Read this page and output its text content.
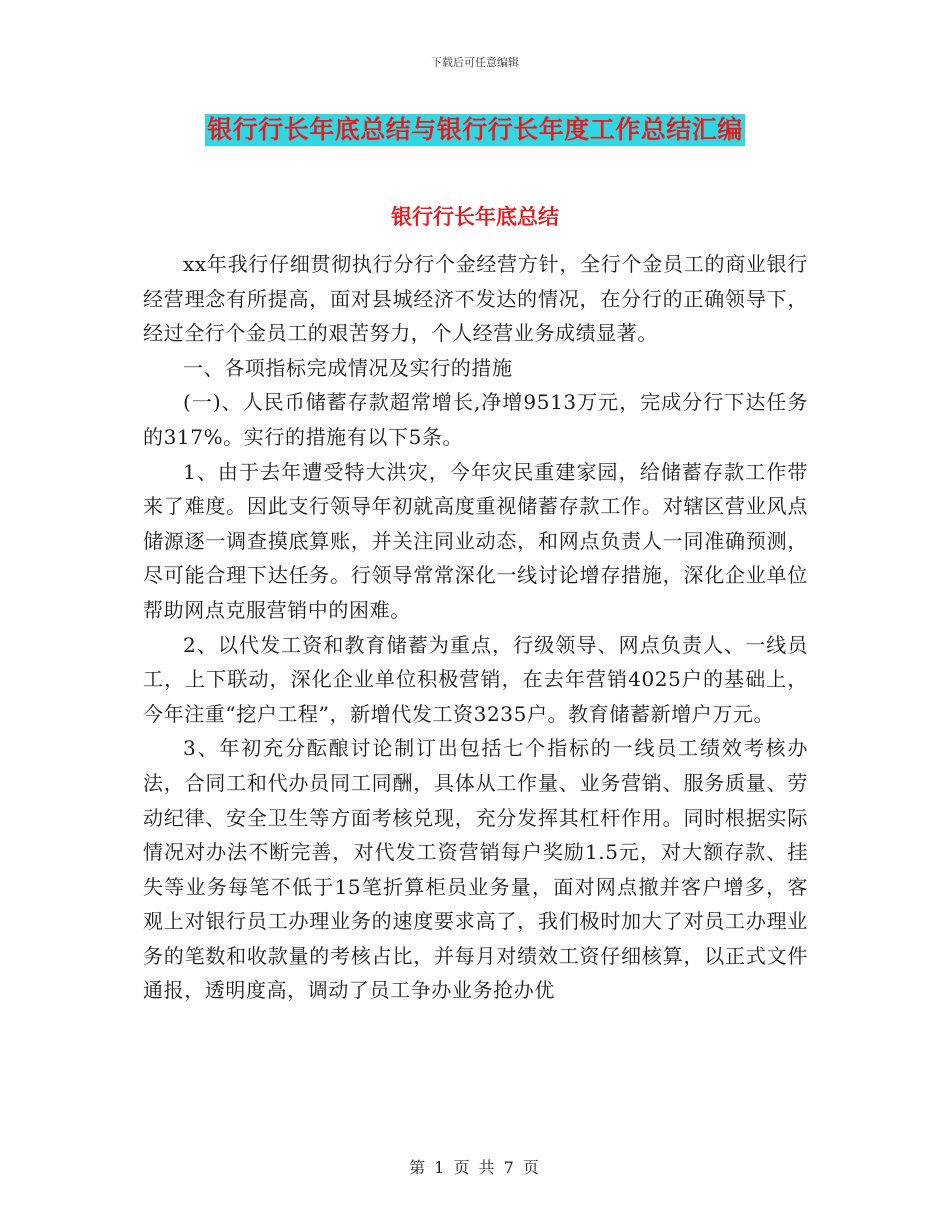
下载后可任意编辑
银行行长年底总结与银行行长年度工作总结汇编
银行行长年底总结

xx年我行仔细贯彻执行分行个金经营方针，全行个金员工的商业银行经营理念有所提高，面对县城经济不发达的情况，在分行的正确领导下，经过全行个金员工的艰苦努力，个人经营业务成绩显著。

一、各项指标完成情况及实行的措施

(一)、人民币储蓄存款超常增长,净增9513万元，完成分行下达任务的317%。实行的措施有以下5条。

1、由于去年遭受特大洪灾，今年灾民重建家园，给储蓄存款工作带来了难度。因此支行领导年初就高度重视储蓄存款工作。对辖区营业风点储源逐一调查摸底算账，并关注同业动态，和网点负责人一同准确预测，尽可能合理下达任务。行领导常常深化一线讨论增存措施，深化企业单位帮助网点克服营销中的困难。

2、以代发工资和教育储蓄为重点，行级领导、网点负责人、一线员工，上下联动，深化企业单位积极营销，在去年营销4025户的基础上，今年注重“挖户工程”，新增代发工资3235户。教育储蓄新增户万元。

3、年初充分酝酿讨论制订出包括七个指标的一线员工绩效考核办法，合同工和代办员同工同酬，具体从工作量、业务营销、服务质量、劳动纪律、安全卫生等方面考核兑现，充分发挥其杠杆作用。同时根据实际情况对办法不断完善，对代发工资营销每户奖励1.5元，对大额存款、挂失等业务每笔不低于15笔折算柜员业务量，面对网点撤并客户增多，客观上对银行员工办理业务的速度要求高了，我们极时加大了对员工办理业务的笔数和收款量的考核占比，并每月对绩效工资仔细核算，以正式文件通报，透明度高，调动了员工争办业务抢办优

第 1 页 共 7 页
